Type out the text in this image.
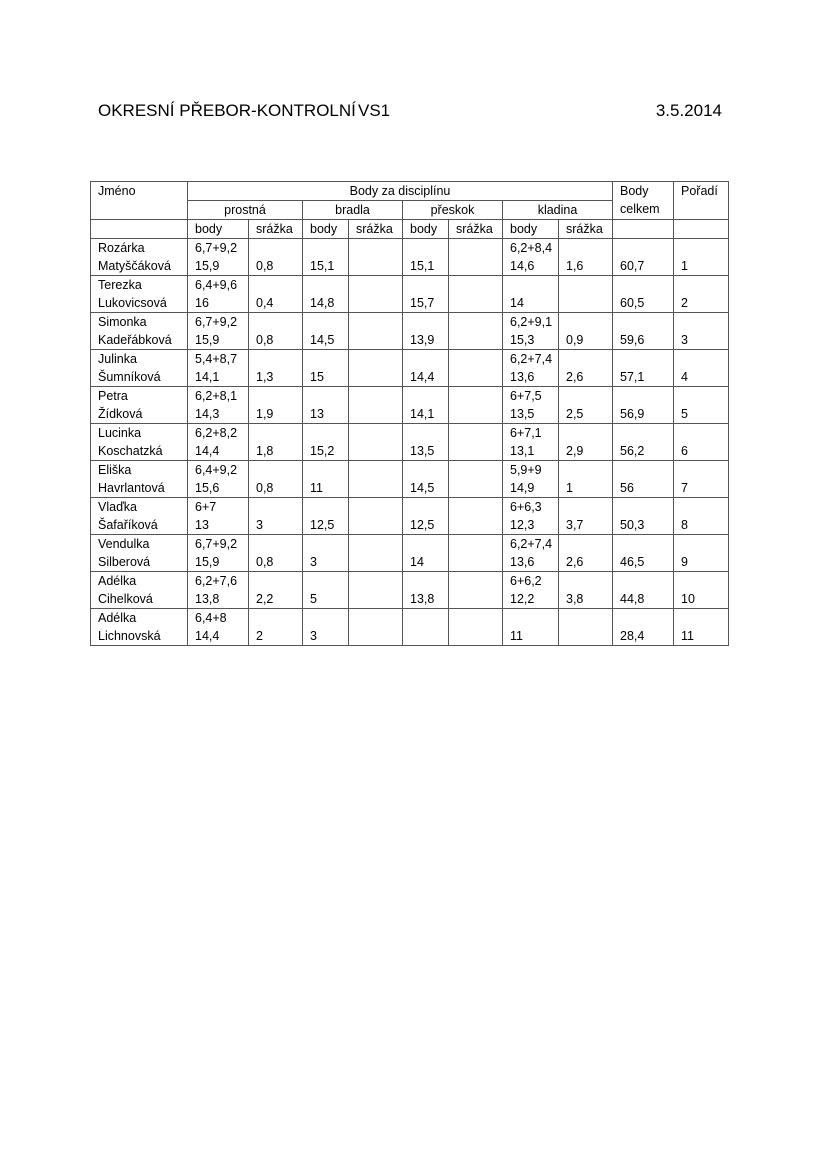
OKRESNÍ PŘEBOR-KONTROLNÍ VS1	3.5.2014
Jméno	Body za disciplínu								Body
celkem	Pořadí
	prostná		bradla		přeskok		kladina			
	body	srážka	body	srážka	body	srážka	body	srážka		
Rozárka	6,7+9,2						6,2+8,4			
Matyščáková	15,9	0,8	15,1		15,1		14,6	1,6	60,7	1
Terezka	6,4+9,6									
Lukovicsová	16	0,4	14,8		15,7		14		60,5	2
Simonka	6,7+9,2						6,2+9,1			
Kadeřábková	15,9	0,8	14,5		13,9		15,3	0,9	59,6	3
Julinka	5,4+8,7						6,2+7,4			
Šumníková	14,1	1,3	15		14,4		13,6	2,6	57,1	4
Petra	6,2+8,1						6+7,5			
Žídková	14,3	1,9	13		14,1		13,5	2,5	56,9	5
Lucinka	6,2+8,2						6+7,1			
Koschatzká	14,4	1,8	15,2		13,5		13,1	2,9	56,2	6
Eliška	6,4+9,2						5,9+9			
Havrlantová	15,6	0,8	11		14,5		14,9	1	56	7
Vlaďka	6+7						6+6,3			
Šafaříková	13	3	12,5		12,5		12,3	3,7	50,3	8
Vendulka	6,7+9,2						6,2+7,4			
Silberová	15,9	0,8	3		14		13,6	2,6	46,5	9
Adélka	6,2+7,6						6+6,2			
Cihelková	13,8	2,2	5		13,8		12,2	3,8	44,8	10
Adélka	6,4+8									
Lichnovská	14,4	2	3				11		28,4	11
